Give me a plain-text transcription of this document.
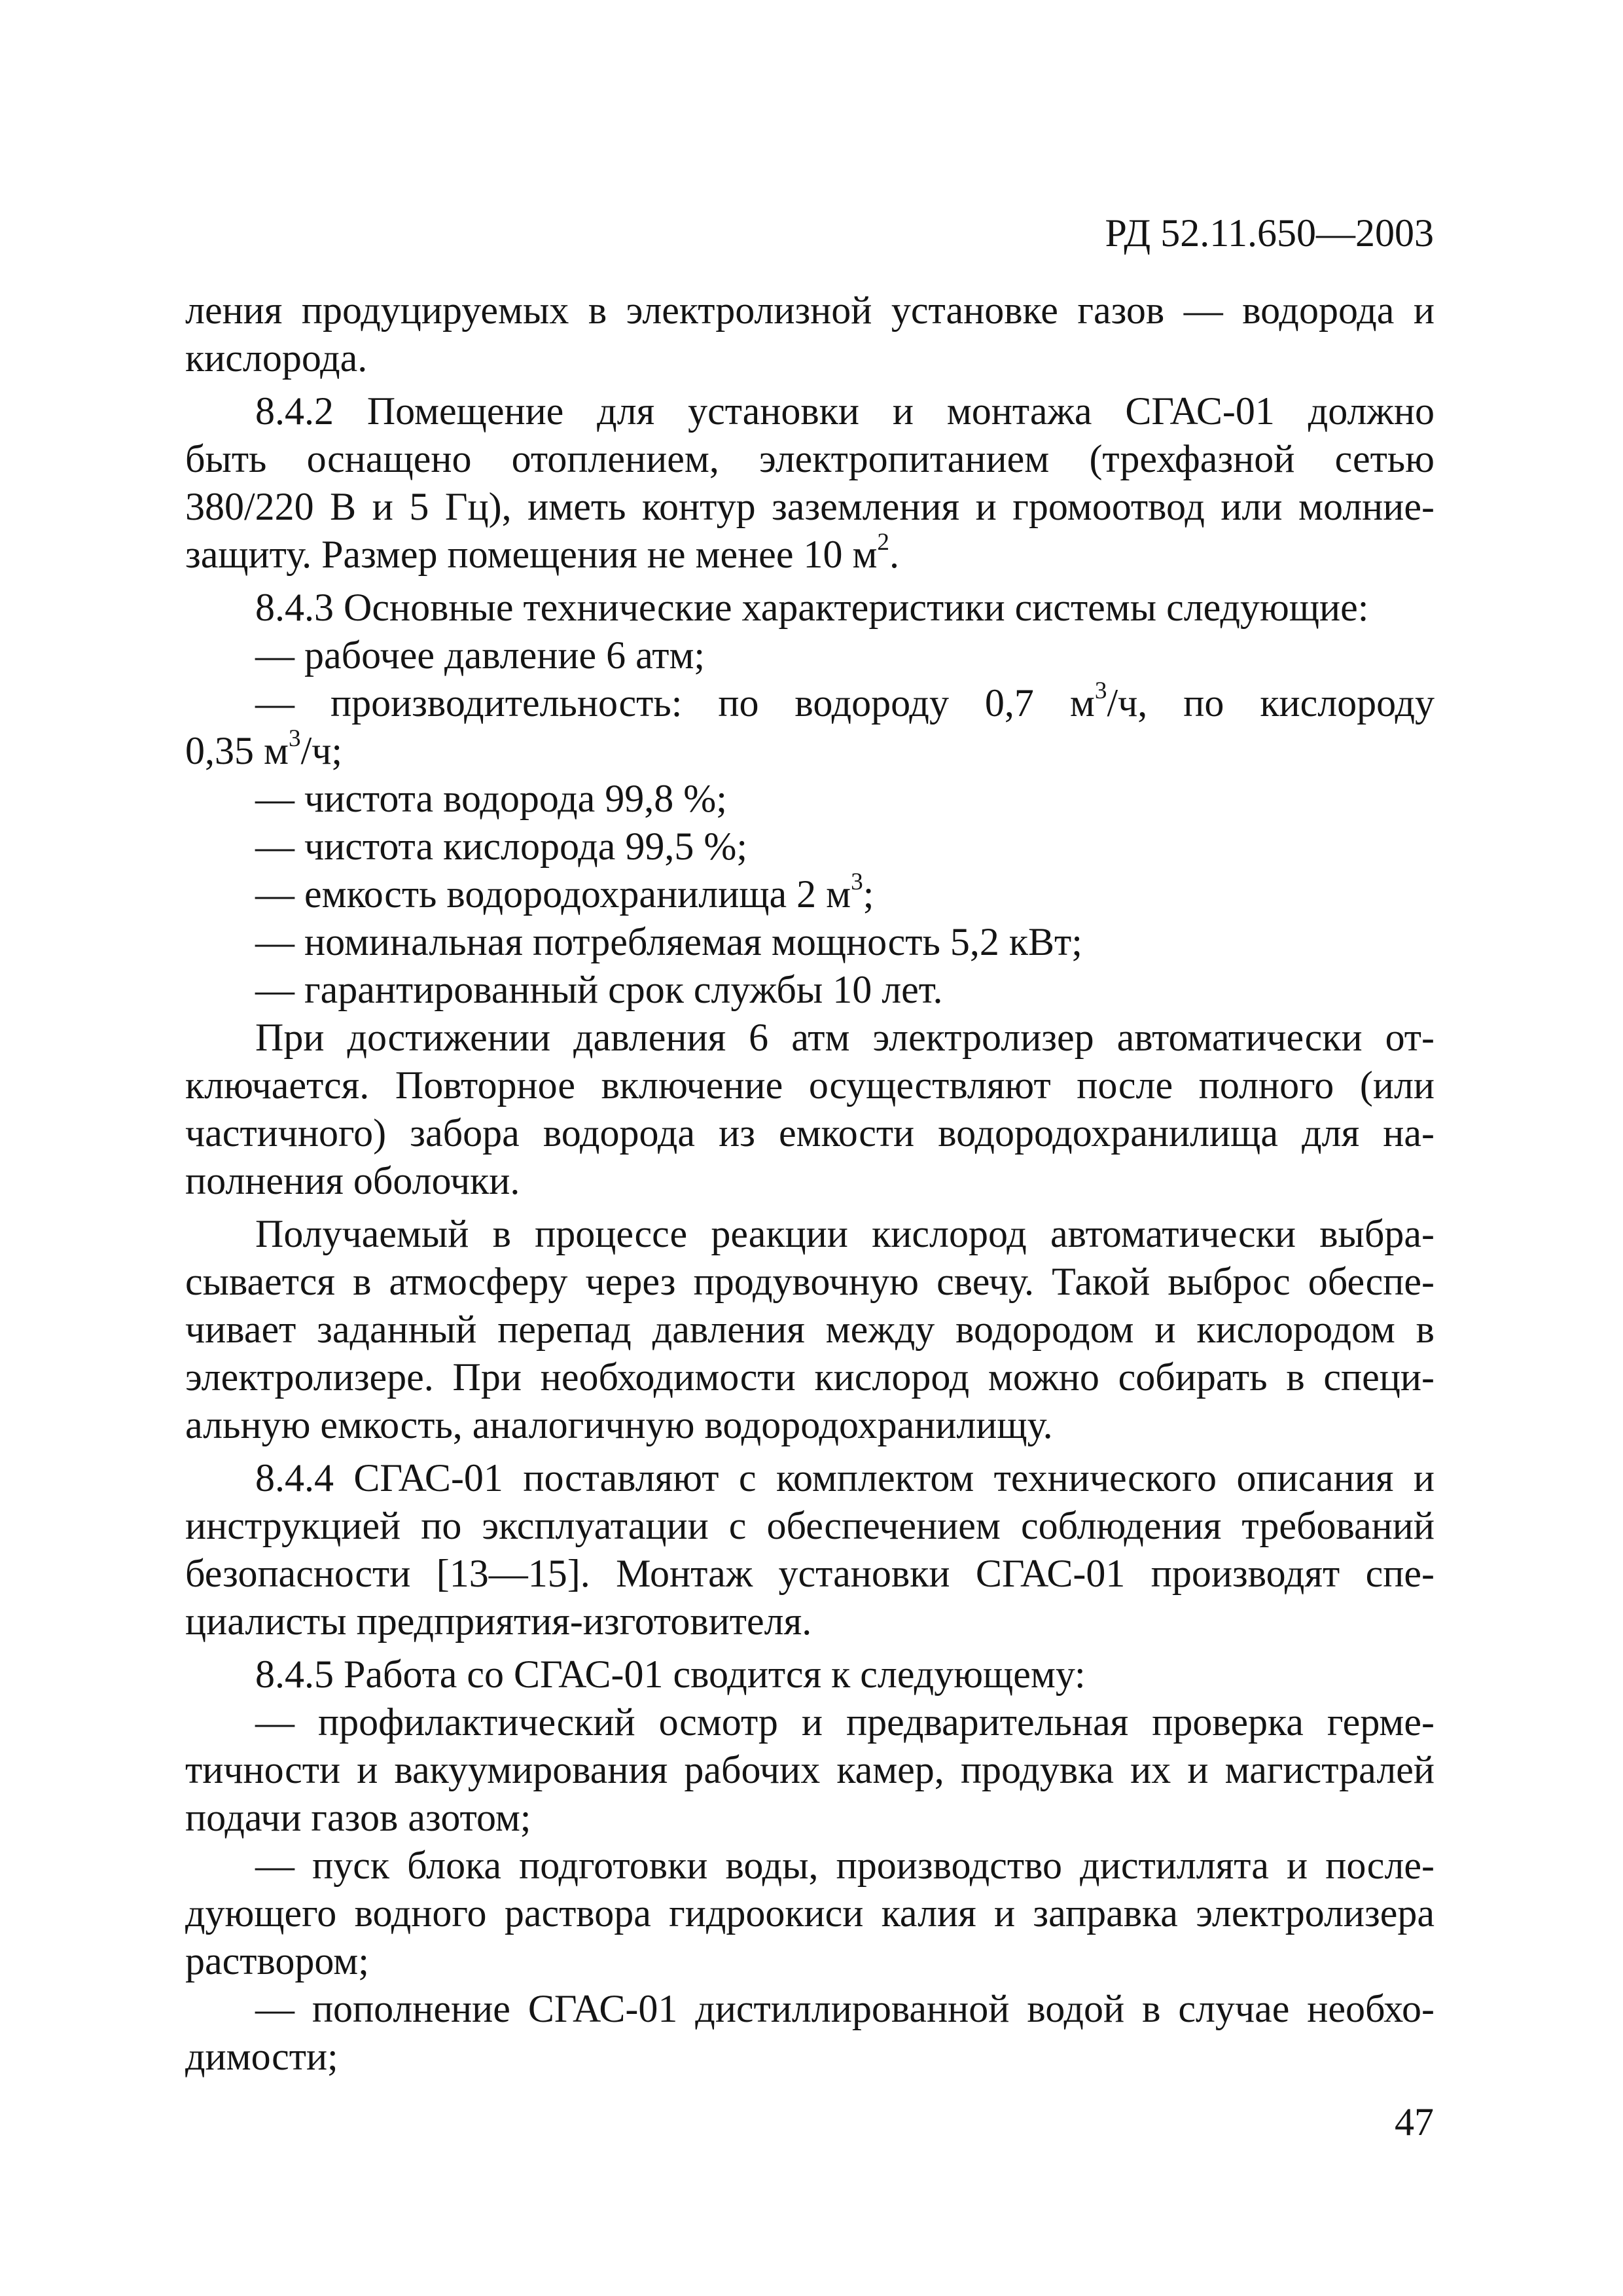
РД 52.11.650—2003
ления продуцируемых в электролизной установке газов — водорода и
кислорода.
8.4.2 Помещение для установки и монтажа СГАС-01 должно
быть оснащено отоплением, электропитанием (трехфазной сетью
380/220 В и 5 Гц), иметь контур заземления и громоотвод или молние-
защиту. Размер помещения не менее 10 $м^2$.
8.4.3 Основные технические характеристики системы следующие:
— рабочее давление 6 атм;
— производительность: по водороду 0,7 $м^3/ч$, по кислороду
0,35 $м^3/ч$;
— чистота водорода 99,8 %;
— чистота кислорода 99,5 %;
— емкость водородохранилища 2 $м^3$;
— номинальная потребляемая мощность 5,2 кВт;
— гарантированный срок службы 10 лет.
При достижении давления 6 атм электролизер автоматически от-
ключается. Повторное включение осуществляют после полного (или
частичного) забора водорода из емкости водородохранилища для на-
полнения оболочки.
Получаемый в процессе реакции кислород автоматически выбра-
сывается в атмосферу через продувочную свечу. Такой выброс обеспе-
чивает заданный перепад давления между водородом и кислородом в
электролизере. При необходимости кислород можно собирать в специ-
альную емкость, аналогичную водородохранилищу.
8.4.4 СГАС-01 поставляют с комплектом технического описания и
инструкцией по эксплуатации с обеспечением соблюдения требований
безопасности [13—15]. Монтаж установки СГАС-01 производят спе-
циалисты предприятия-изготовителя.
8.4.5 Работа со СГАС-01 сводится к следующему:
— профилактический осмотр и предварительная проверка герме-
тичности и вакуумирования рабочих камер, продувка их и магистралей
подачи газов азотом;
— пуск блока подготовки воды, производство дистиллята и после-
дующего водного раствора гидроокиси калия и заправка электролизера
раствором;
— пополнение СГАС-01 дистиллированной водой в случае необхо-
димости;
47
